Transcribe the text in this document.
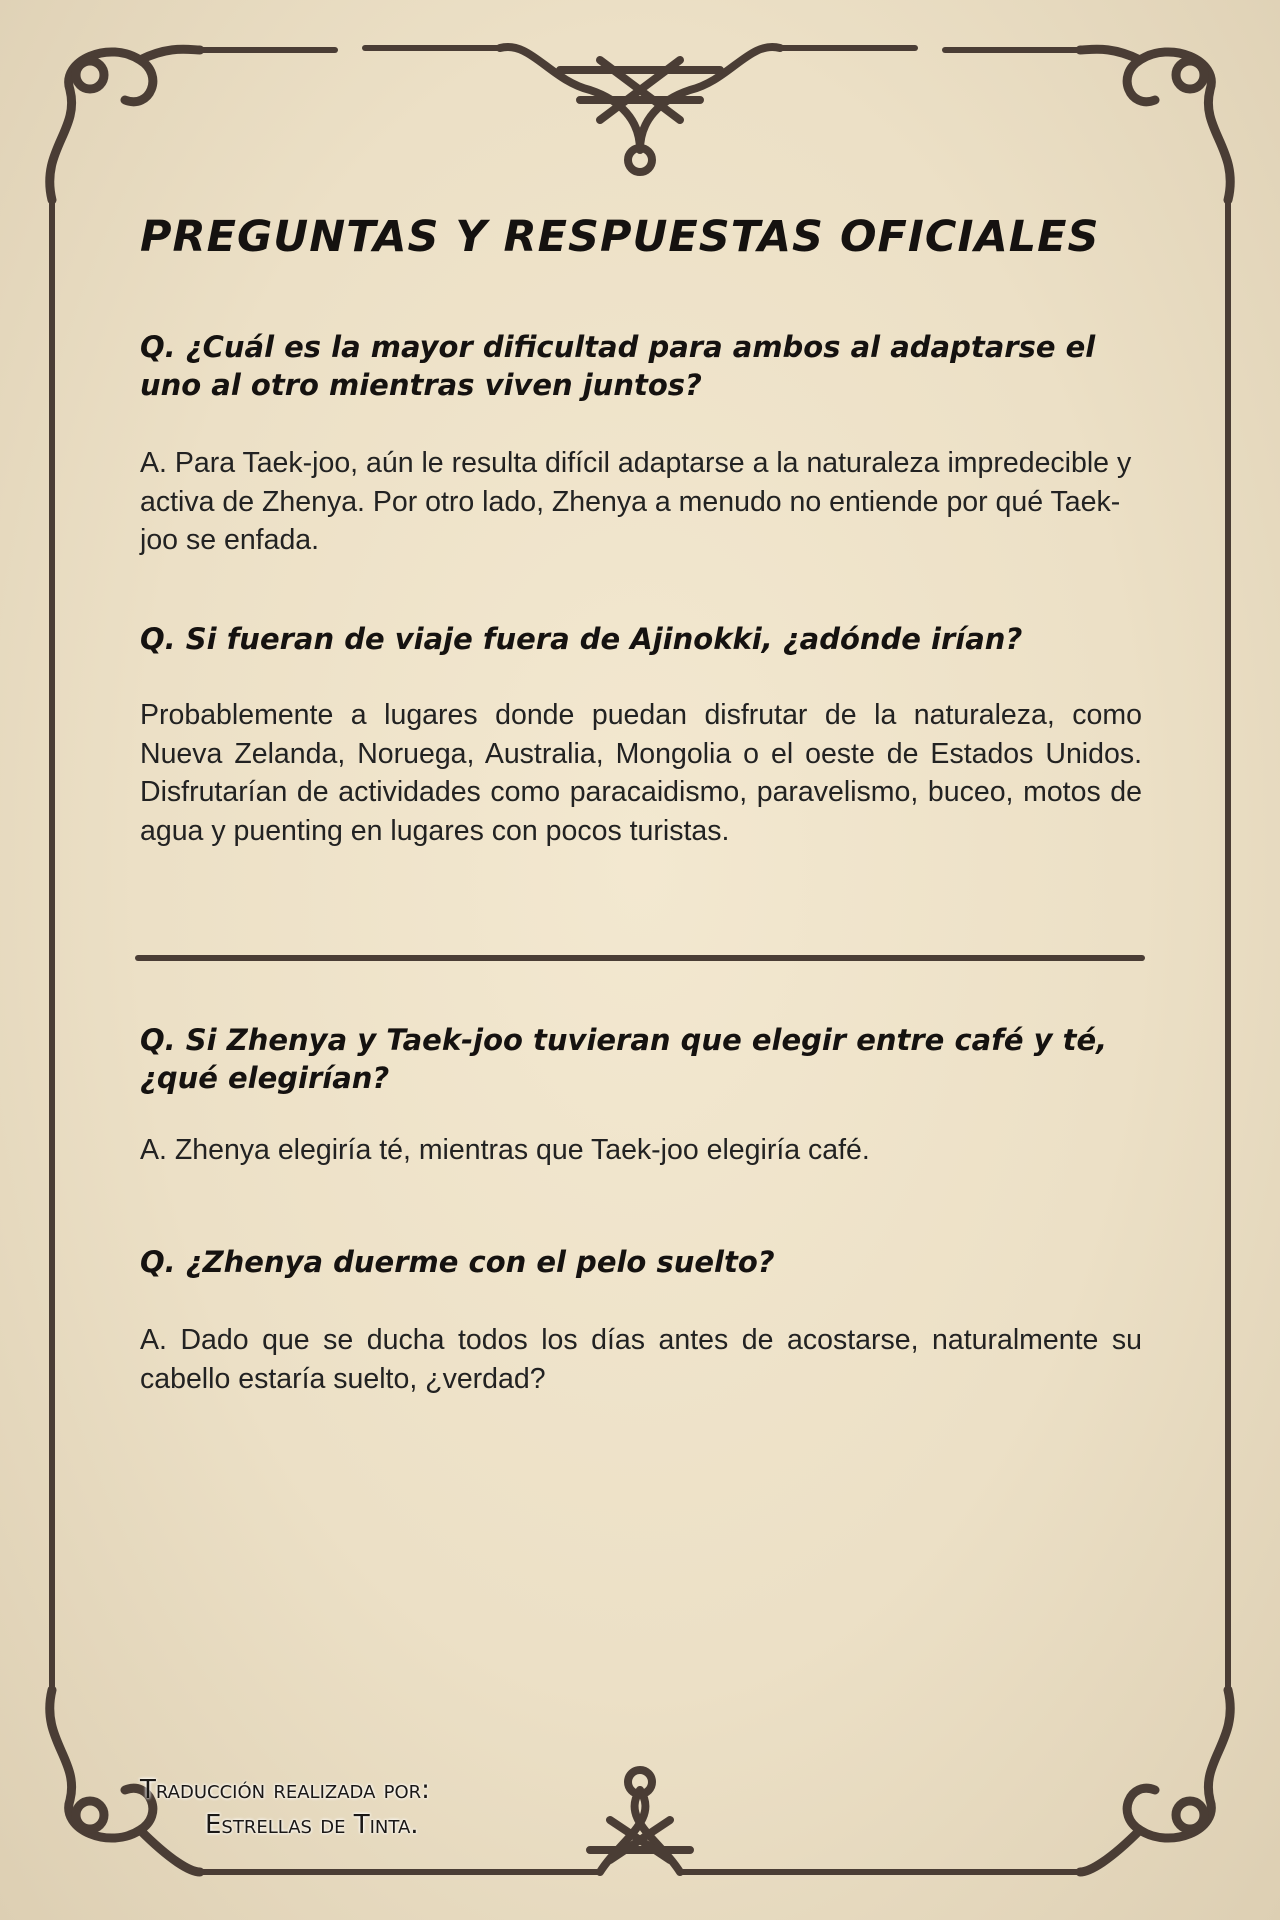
PREGUNTAS Y RESPUESTAS OFICIALES
Q. ¿Cuál es la mayor dificultad para ambos al adaptarse el uno al otro mientras viven juntos?
A. Para Taek-joo, aún le resulta difícil adaptarse a la naturaleza impredecible y activa de Zhenya. Por otro lado, Zhenya a menudo no entiende por qué Taek-joo se enfada.
Q. Si fueran de viaje fuera de Ajinokki, ¿adónde irían?
Probablemente a lugares donde puedan disfrutar de la naturaleza, como Nueva Zelanda, Noruega, Australia, Mongolia o el oeste de Estados Unidos. Disfrutarían de actividades como paracaidismo, paravelismo, buceo, motos de agua y puenting en lugares con pocos turistas.
Q. Si Zhenya y Taek-joo tuvieran que elegir entre café y té, ¿qué elegirían?
A. Zhenya elegiría té, mientras que Taek-joo elegiría café.
Q. ¿Zhenya duerme con el pelo suelto?
A. Dado que se ducha todos los días antes de acostarse, naturalmente su cabello estaría suelto, ¿verdad?
Traducción realizada por:
Estrellas de Tinta.
